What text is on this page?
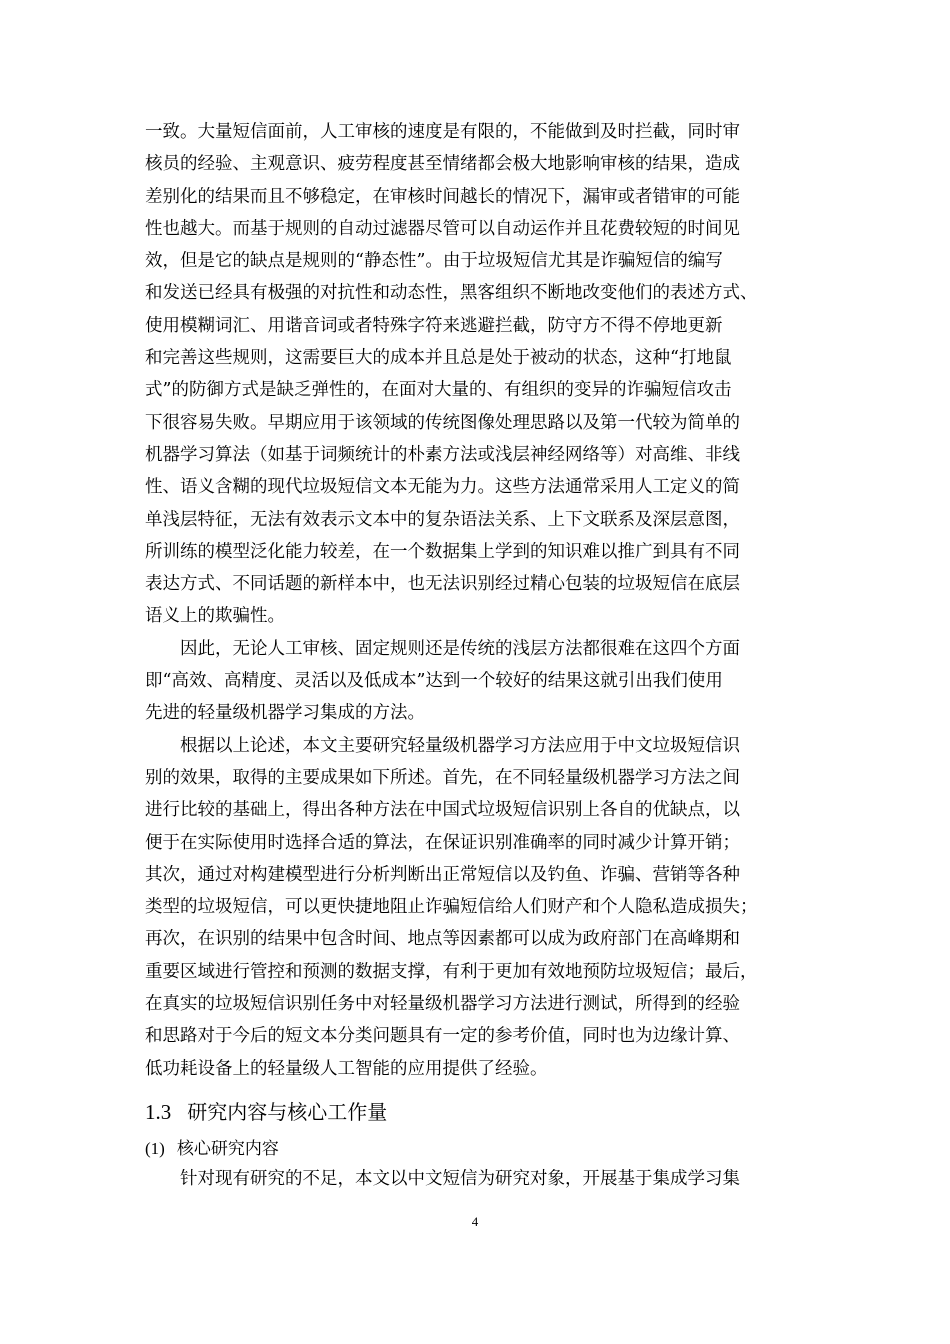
一致。大量短信面前，人工审核的速度是有限的，不能做到及时拦截，同时审

核员的经验、主观意识、疲劳程度甚至情绪都会极大地影响审核的结果，造成

差别化的结果而且不够稳定，在审核时间越长的情况下，漏审或者错审的可能

性也越大。而基于规则的自动过滤器尽管可以自动运作并且花费较短的时间见

效，但是它的缺点是规则的“静态性”。由于垃圾短信尤其是诈骗短信的编写

和发送已经具有极强的对抗性和动态性，黑客组织不断地改变他们的表述方式、

使用模糊词汇、用谐音词或者特殊字符来逃避拦截，防守方不得不停地更新

和完善这些规则，这需要巨大的成本并且总是处于被动的状态，这种“打地鼠

式”的防御方式是缺乏弹性的，在面对大量的、有组织的变异的诈骗短信攻击

下很容易失败。早期应用于该领域的传统图像处理思路以及第一代较为简单的

机器学习算法（如基于词频统计的朴素方法或浅层神经网络等）对高维、非线

性、语义含糊的现代垃圾短信文本无能为力。这些方法通常采用人工定义的简

单浅层特征，无法有效表示文本中的复杂语法关系、上下文联系及深层意图，

所训练的模型泛化能力较差，在一个数据集上学到的知识难以推广到具有不同

表达方式、不同话题的新样本中，也无法识别经过精心包装的垃圾短信在底层

语义上的欺骗性。

因此，无论人工审核、固定规则还是传统的浅层方法都很难在这四个方面

即“高效、高精度、灵活以及低成本”达到一个较好的结果这就引出我们使用

先进的轻量级机器学习集成的方法。

根据以上论述，本文主要研究轻量级机器学习方法应用于中文垃圾短信识

别的效果，取得的主要成果如下所述。首先，在不同轻量级机器学习方法之间

进行比较的基础上，得出各种方法在中国式垃圾短信识别上各自的优缺点，以

便于在实际使用时选择合适的算法，在保证识别准确率的同时减少计算开销；

其次，通过对构建模型进行分析判断出正常短信以及钓鱼、诈骗、营销等各种

类型的垃圾短信，可以更快捷地阻止诈骗短信给人们财产和个人隐私造成损失；

再次，在识别的结果中包含时间、地点等因素都可以成为政府部门在高峰期和

重要区域进行管控和预测的数据支撑，有利于更加有效地预防垃圾短信；最后，

在真实的垃圾短信识别任务中对轻量级机器学习方法进行测试，所得到的经验

和思路对于今后的短文本分类问题具有一定的参考价值，同时也为边缘计算、

低功耗设备上的轻量级人工智能的应用提供了经验。

1.3 研究内容与核心工作量
(1) 核心研究内容
针对现有研究的不足，本文以中文短信为研究对象，开展基于集成学习集
4
